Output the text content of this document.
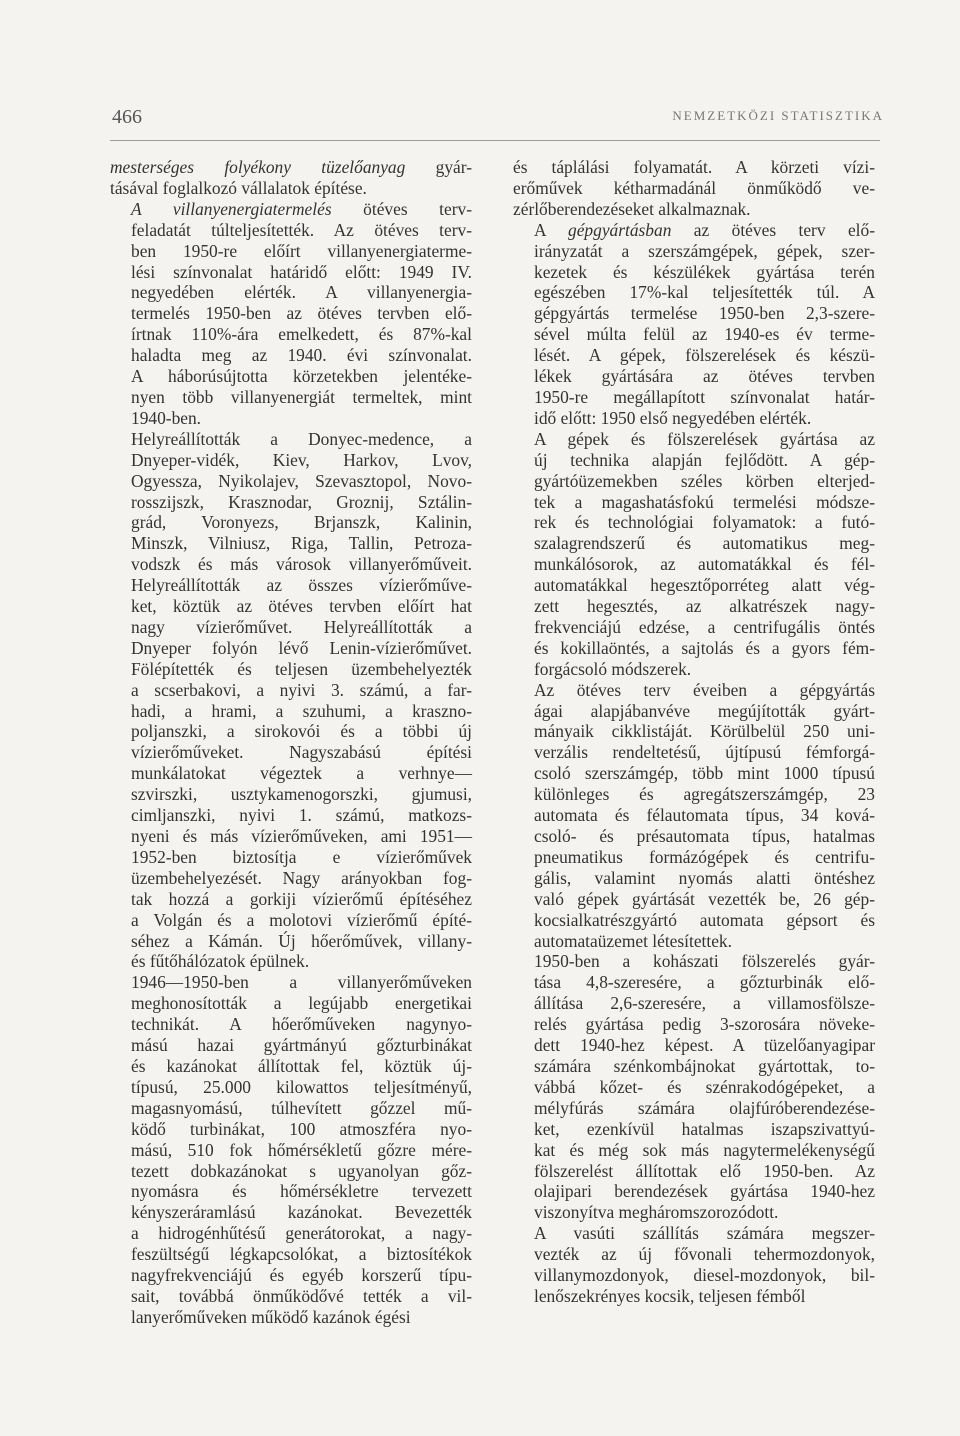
466	NEMZETKÖZI STATISZTIKA

mesterséges folyékony tüzelőanyag gyár-
tásával foglalkozó vállalatok építése.

A villanyenergiatermelés ötéves terv-
feladatát túlteljesítették. Az ötéves terv-
ben 1950-re előírt villanyenergiaterme-
lési színvonalat határidő előtt: 1949 IV.
negyedében elérték. A villanyenergia-
termelés 1950-ben az ötéves tervben elő-
írtnak 110%-ára emelkedett, és 87%-kal
haladta meg az 1940. évi színvonalat.
A háborúsújtotta körzetekben jelentéke-
nyen több villanyenergiát termeltek, mint
1940-ben.

Helyreállították a Donyec-medence, a
Dnyeper-vidék, Kiev, Harkov, Lvov,
Ogyessza, Nyikolajev, Szevasztopol, Novo-
rosszijszk, Krasznodar, Groznij, Sztálin-
grád, Voronyezs, Brjanszk, Kalinin,
Minszk, Vilniusz, Riga, Tallin, Petroza-
vodszk és más városok villanyerőműveit.
Helyreállították az összes vízierőműve-
ket, köztük az ötéves tervben előírt hat
nagy vízierőművet. Helyreállították a
Dnyeper folyón lévő Lenin-vízierőművet.
Fölépítették és teljesen üzembehelyezték
a scserbakovi, a nyivi 3. számú, a far-
hadi, a hrami, a szuhumi, a kraszno-
poljanszki, a sirokovói és a többi új
vízierőműveket. Nagyszabású építési
munkálatokat végeztek a verhnye—
szvirszki, usztykamenogorszki, gjumusi,
cimljanszki, nyivi 1. számú, matkozs-
nyeni és más vízierőműveken, ami 1951—
1952-ben biztosítja e vízierőművek
üzembehelyezését. Nagy arányokban fog-
tak hozzá a gorkiji vízierőmű építéséhez
a Volgán és a molotovi vízierőmű építé-
séhez a Kámán. Új hőerőművek, villany-
és fűtőhálózatok épülnek.

1946—1950-ben a villanyerőműveken
meghonosították a legújabb energetikai
technikát. A hőerőműveken nagynyo-
mású hazai gyártmányú gőzturbinákat
és kazánokat állítottak fel, köztük új-
típusú, 25.000 kilowattos teljesítményű,
magasnyomású, túlhevített gőzzel mű-
ködő turbinákat, 100 atmoszféra nyo-
mású, 510 fok hőmérsékletű gőzre mére-
tezett dobkazánokat s ugyanolyan gőz-
nyomásra és hőmérsékletre tervezett
kényszeráramlású kazánokat. Bevezették
a hidrogénhűtésű generátorokat, a nagy-
feszültségű légkapcsolókat, a biztosítékok
nagyfrekvenciájú és egyéb korszerű típu-
sait, továbbá önműködővé tették a vil-
lanyerőműveken működő kazánok égési

és táplálási folyamatát. A körzeti vízi-
erőművek kétharmadánál önműködő ve-
zérlőberendezéseket alkalmaznak.

A gépgyártásban az ötéves terv elő-
irányzatát a szerszámgépek, gépek, szer-
kezetek és készülékek gyártása terén
egészében 17%-kal teljesítették túl. A
gépgyártás termelése 1950-ben 2,3-szere-
sével múlta felül az 1940-es év terme-
lését. A gépek, fölszerelések és készü-
lékek gyártására az ötéves tervben
1950-re megállapított színvonalat határ-
idő előtt: 1950 első negyedében elérték.

A gépek és fölszerelések gyártása az
új technika alapján fejlődött. A gép-
gyártóüzemekben széles körben elterjed-
tek a magashatásfokú termelési módsze-
rek és technológiai folyamatok: a futó-
szalagrendszerű és automatikus meg-
munkálósorok, az automatákkal és fél-
automatákkal hegesztőporréteg alatt vég-
zett hegesztés, az alkatrészek nagy-
frekvenciájú edzése, a centrifugális öntés
és kokillaöntés, a sajtolás és a gyors fém-
forgácsoló módszerek.

Az ötéves terv éveiben a gépgyártás
ágai alapjábanvéve megújították gyárt-
mányaik cikklistáját. Körülbelül 250 uni-
verzális rendeltetésű, újtípusú fémforgá-
csoló szerszámgép, több mint 1000 típusú
különleges és agregátszerszámgép, 23
automata és félautomata típus, 34 ková-
csoló- és présautomata típus, hatalmas
pneumatikus formázógépek és centrifu-
gális, valamint nyomás alatti öntéshez
való gépek gyártását vezették be, 26 gép-
kocsialkatrészgyártó automata gépsort és
automataüzemet létesítettek.

1950-ben a kohászati fölszerelés gyár-
tása 4,8-szeresére, a gőzturbinák elő-
állítása 2,6-szeresére, a villamosfölsze-
relés gyártása pedig 3-szorosára növeke-
dett 1940-hez képest. A tüzelőanyagipar
számára szénkombájnokat gyártottak, to-
vábbá kőzet- és szénrakodógépeket, a
mélyfúrás számára olajfúróberendezése-
ket, ezenkívül hatalmas iszapszivattyú-
kat és még sok más nagytermelékenységű
fölszerelést állítottak elő 1950-ben. Az
olajipari berendezések gyártása 1940-hez
viszonyítva megháromszorozódott.

A vasúti szállítás számára megszer-
vezték az új fővonali tehermozdonyok,
villanymozdonyok, diesel-mozdonyok, bil-
lenőszekrényes kocsik, teljesen fémből
